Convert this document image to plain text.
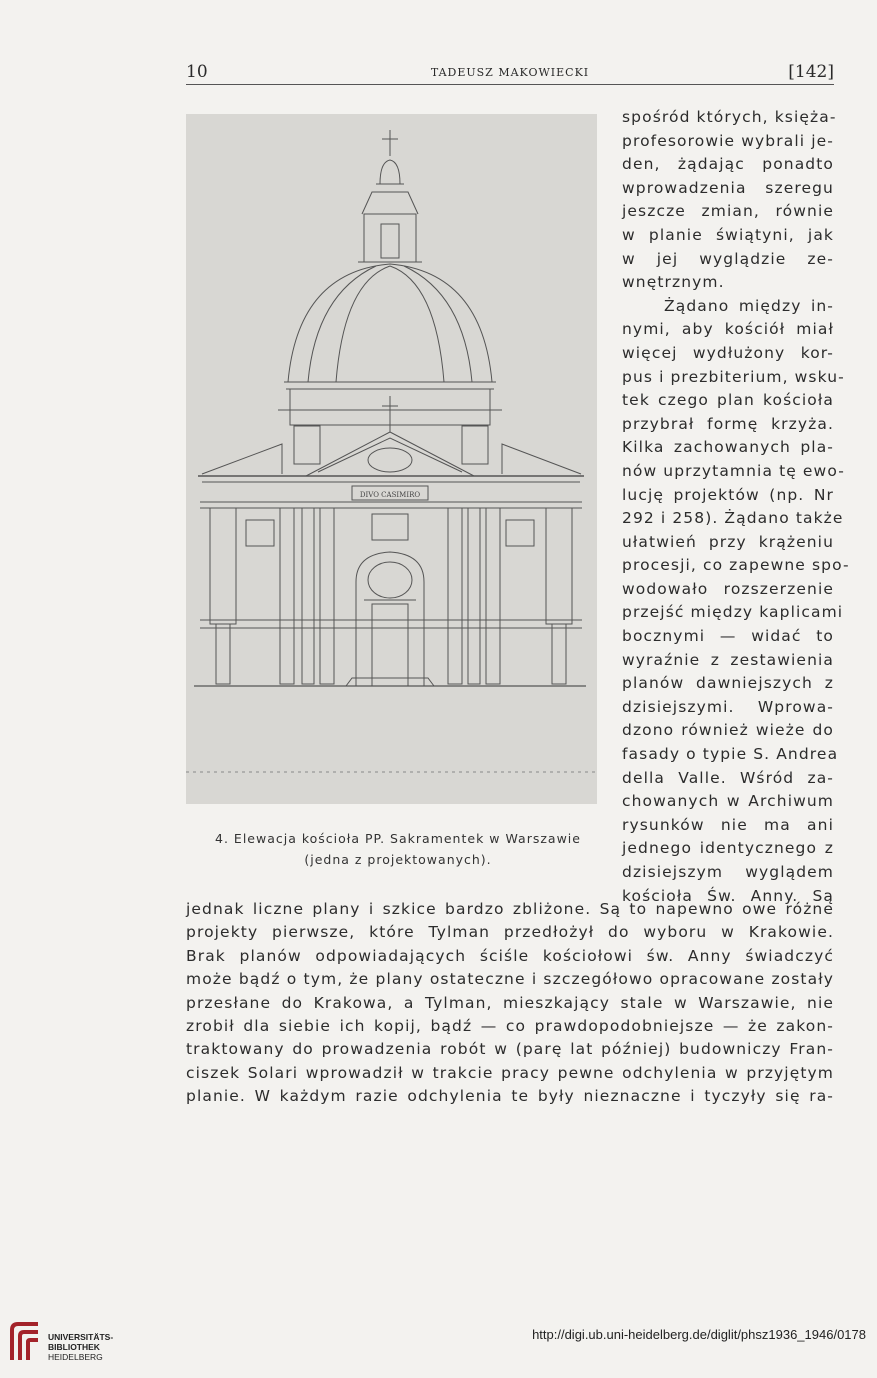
10	TADEUSZ MAKOWIECKI	[142]
DIVO CASIMIRO
4. Elewacja kościoła PP. Sakramentek w Warszawie
(jedna z projektowanych).
spośród których, księża-
profesorowie wybrali je-
den, żądając ponadto
wprowadzenia szeregu
jeszcze zmian, równie
w planie świątyni, jak
w jej wyglądzie ze-
wnętrznym.
Żądano między in-
nymi, aby kościół miał
więcej wydłużony kor-
pus i prezbiterium, wsku-
tek czego plan kościoła
przybrał formę krzyża.
Kilka zachowanych pla-
nów uprzytamnia tę ewo-
lucję projektów (np. Nr
292 i 258). Żądano także
ułatwień przy krążeniu
procesji, co zapewne spo-
wodowało rozszerzenie
przejść między kaplicami
bocznymi — widać to
wyraźnie z zestawienia
planów dawniejszych z
dzisiejszymi. Wprowa-
dzono również wieże do
fasady o typie S. Andrea
della Valle. Wśród za-
chowanych w Archiwum
rysunków nie ma ani
jednego identycznego z
dzisiejszym wyglądem
kościoła Św. Anny. Są
jednak liczne plany i szkice bardzo zbliżone. Są to napewno owe różne
projekty pierwsze, które Tylman przedłożył do wyboru w Krakowie.
Brak planów odpowiadających ściśle kościołowi św. Anny świadczyć
może bądź o tym, że plany ostateczne i szczegółowo opracowane zostały
przesłane do Krakowa, a Tylman, mieszkający stale w Warszawie, nie
zrobił dla siebie ich kopij, bądź — co prawdopodobniejsze — że zakon-
traktowany do prowadzenia robót w (parę lat później) budowniczy Fran-
ciszek Solari wprowadził w trakcie pracy pewne odchylenia w przyjętym
planie. W każdym razie odchylenia te były nieznaczne i tyczyły się ra-
UNIVERSITÄTS-
BIBLIOTHEK
HEIDELBERG
http://digi.ub.uni-heidelberg.de/diglit/phsz1936_1946/0178
